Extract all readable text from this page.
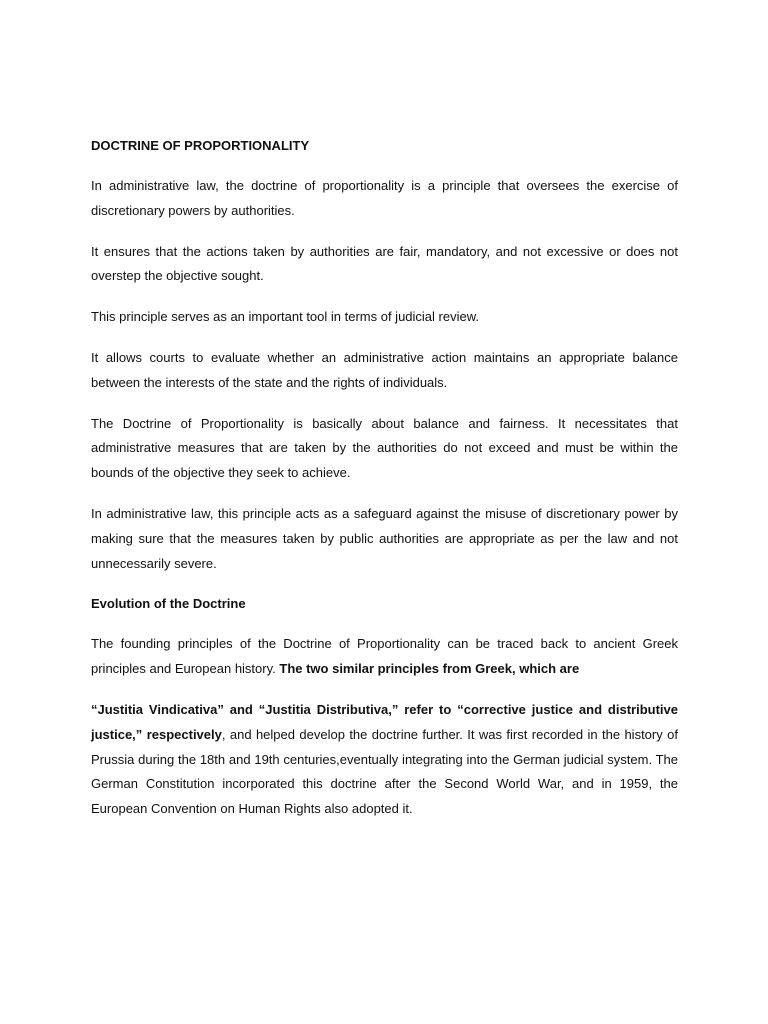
DOCTRINE OF PROPORTIONALITY

In administrative law, the doctrine of proportionality is a principle that oversees the exercise of discretionary powers by authorities.

It ensures that the actions taken by authorities are fair, mandatory, and not excessive or does not overstep the objective sought.

This principle serves as an important tool in terms of judicial review.

It allows courts to evaluate whether an administrative action maintains an appropriate balance between the interests of the state and the rights of individuals.

The Doctrine of Proportionality is basically about balance and fairness. It necessitates that administrative measures that are taken by the authorities do not exceed and must be within the bounds of the objective they seek to achieve.

In administrative law, this principle acts as a safeguard against the misuse of discretionary power by making sure that the measures taken by public authorities are appropriate as per the law and not unnecessarily severe.

Evolution of the Doctrine

The founding principles of the Doctrine of Proportionality can be traced back to ancient Greek principles and European history. The two similar principles from Greek, which are

“Justitia Vindicativa” and “Justitia Distributiva,” refer to “corrective justice and distributive justice,” respectively, and helped develop the doctrine further. It was first recorded in the history of Prussia during the 18th and 19th centuries,eventually integrating into the German judicial system. The German Constitution incorporated this doctrine after the Second World War, and in 1959, the European Convention on Human Rights also adopted it.
